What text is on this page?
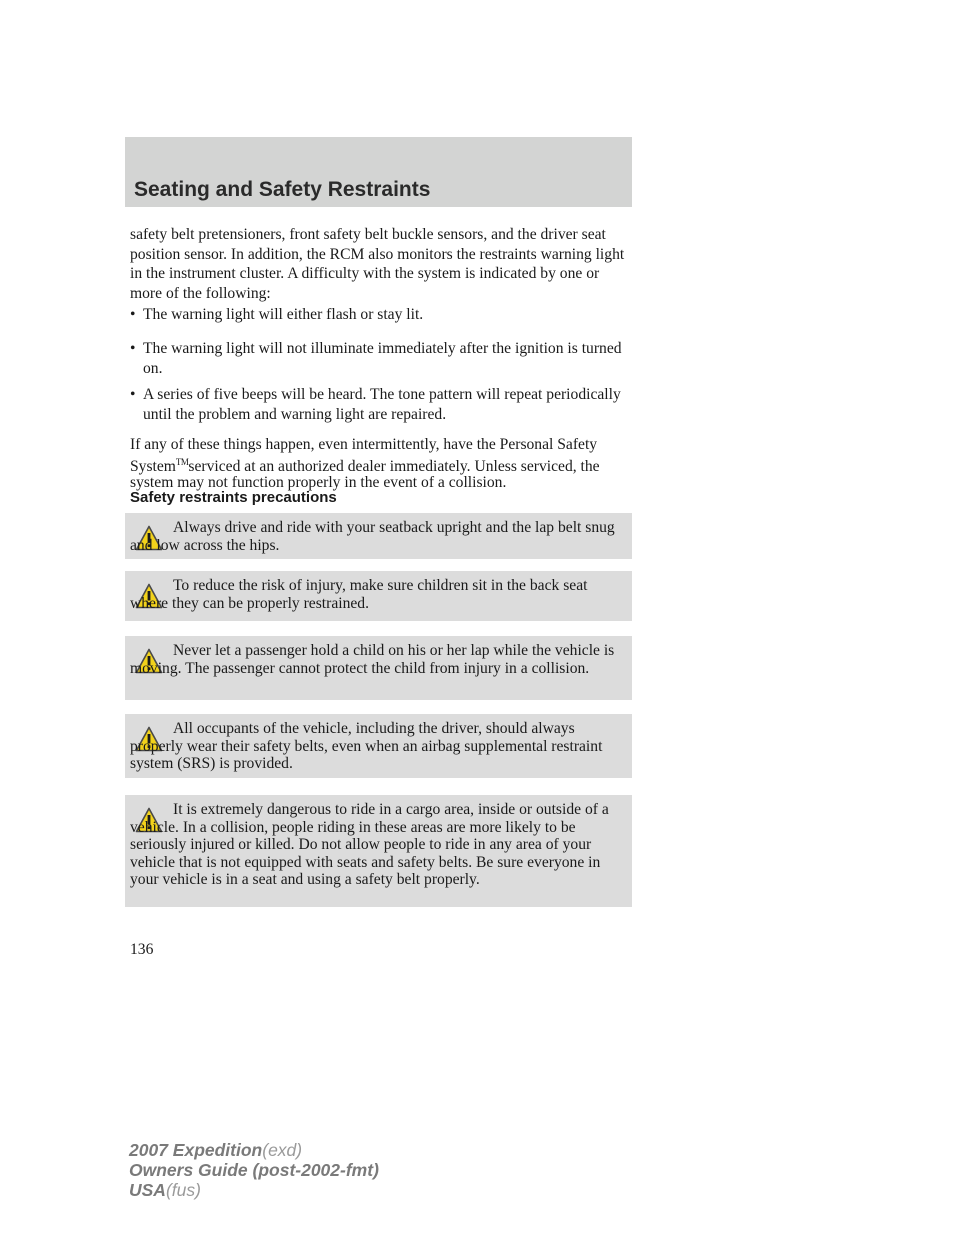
Seating and Safety Restraints

safety belt pretensioners, front safety belt buckle sensors, and the driver seat position sensor. In addition, the RCM also monitors the restraints warning light in the instrument cluster. A difficulty with the system is indicated by one or more of the following:

• The warning light will either flash or stay lit.
• The warning light will not illuminate immediately after the ignition is turned on.
• A series of five beeps will be heard. The tone pattern will repeat periodically until the problem and warning light are repaired.

If any of these things happen, even intermittently, have the Personal Safety System™serviced at an authorized dealer immediately. Unless serviced, the system may not function properly in the event of a collision.

Safety restraints precautions

Always drive and ride with your seatback upright and the lap belt snug and low across the hips.

To reduce the risk of injury, make sure children sit in the back seat where they can be properly restrained.

Never let a passenger hold a child on his or her lap while the vehicle is moving. The passenger cannot protect the child from injury in a collision.

All occupants of the vehicle, including the driver, should always properly wear their safety belts, even when an airbag supplemental restraint system (SRS) is provided.

It is extremely dangerous to ride in a cargo area, inside or outside of a vehicle. In a collision, people riding in these areas are more likely to be seriously injured or killed. Do not allow people to ride in any area of your vehicle that is not equipped with seats and safety belts. Be sure everyone in your vehicle is in a seat and using a safety belt properly.

136

2007 Expedition(exd)
Owners Guide (post-2002-fmt)
USA(fus)
